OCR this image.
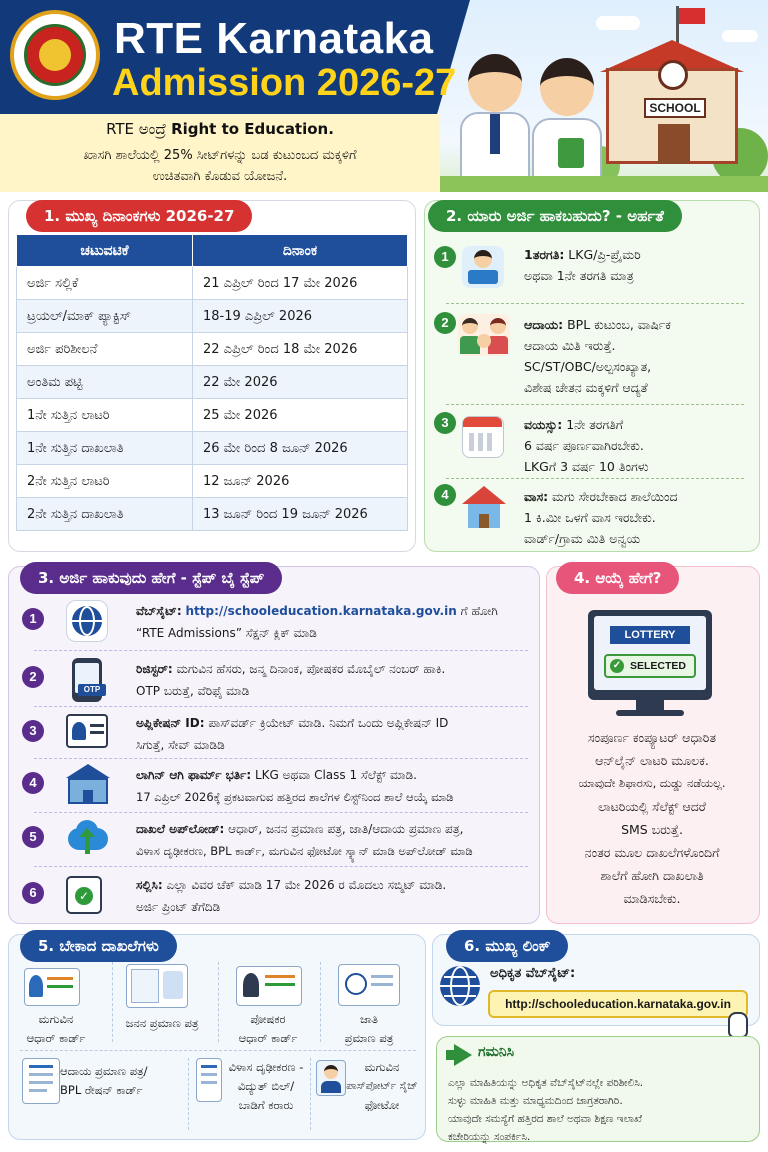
SCHOOL
RTE Karnataka
Admission 2026-27
RTE ಅಂದ್ರೆ Right to Education.
ಖಾಸಗಿ ಶಾಲೆಯಲ್ಲಿ 25% ಸೀಟ್‌ಗಳನ್ನು ಬಡ ಕುಟುಂಬದ ಮಕ್ಕಳಿಗೆ
ಉಚಿತವಾಗಿ ಕೊಡುವ ಯೋಜನೆ.
1. ಮುಖ್ಯ ದಿನಾಂಕಗಳು 2026-27
ಚಟುವಟಿಕೆ	ದಿನಾಂಕ
ಅರ್ಜಿ ಸಲ್ಲಿಕೆ	21 ಎಪ್ರಿಲ್ ರಿಂದ 17 ಮೇ 2026
ಟ್ರಯಲ್/ಮಾಕ್ ಪ್ಯಾಕ್ಟಿಸ್	18-19 ಎಪ್ರಿಲ್ 2026
ಅರ್ಜಿ ಪರಿಶೀಲನೆ	22 ಎಪ್ರಿಲ್ ರಿಂದ 18 ಮೇ 2026
ಅಂತಿಮ ಪಟ್ಟಿ	22 ಮೇ 2026
1ನೇ ಸುತ್ತಿನ ಲಾಟರಿ	25 ಮೇ 2026
1ನೇ ಸುತ್ತಿನ ದಾಖಲಾತಿ	26 ಮೇ ರಿಂದ 8 ಜೂನ್ 2026
2ನೇ ಸುತ್ತಿನ ಲಾಟರಿ	12 ಜೂನ್ 2026
2ನೇ ಸುತ್ತಿನ ದಾಖಲಾತಿ	13 ಜೂನ್ ರಿಂದ 19 ಜೂನ್ 2026
2. ಯಾರು ಅರ್ಜಿ ಹಾಕಬಹುದು? - ಅರ್ಹತೆ
1	1ತರಗತಿ: LKG/ಪ್ರಿ-ಪ್ರೈಮರಿ
ಅಥವಾ 1ನೇ ತರಗತಿ ಮಾತ್ರ
2	ಆದಾಯ: BPL ಕುಟುಂಬ, ವಾರ್ಷಿಕ
ಆದಾಯ ಮಿತಿ ಇರುತ್ತೆ.
SC/ST/OBC/ಅಲ್ಪಸಂಖ್ಯಾತ,
ವಿಶೇಷ ಚೇತನ ಮಕ್ಕಳಿಗೆ ಆದ್ಯತೆ
3	ವಯಸ್ಸು: 1ನೇ ತರಗತಿಗೆ
6 ವರ್ಷ ಪೂರ್ಣವಾಗಿರಬೇಕು.
LKGಗೆ 3 ವರ್ಷ 10 ತಿಂಗಳು
4	ವಾಸ: ಮಗು ಸೇರಬೇಕಾದ ಶಾಲೆಯಿಂದ
1 ಕಿ.ಮೀ ಒಳಗೆ ವಾಸ ಇರಬೇಕು.
ವಾರ್ಡ್/ಗ್ರಾಮ ಮಿತಿ ಅನ್ವಯ
3. ಅರ್ಜಿ ಹಾಕುವುದು ಹೇಗೆ - ಸ್ಟೆಪ್ ಬೈ ಸ್ಟೆಪ್
1	ವೆಬ್‌ಸೈಟ್: http://schooleducation.karnataka.gov.in ಗೆ ಹೋಗಿ
“RTE Admissions” ಸೆಕ್ಷನ್ ಕ್ಲಿಕ್ ಮಾಡಿ
2
OTP
ರಿಜಿಸ್ಟರ್: ಮಗುವಿನ ಹೆಸರು, ಜನ್ಮ ದಿನಾಂಕ, ಪೋಷಕರ ಮೊಬೈಲ್ ನಂಬರ್ ಹಾಕಿ.
OTP ಬರುತ್ತೆ, ವೆರಿಫೈ ಮಾಡಿ
3	ಅಪ್ಲಿಕೇಷನ್ ID: ಪಾಸ್‌ವರ್ಡ್ ಕ್ರಿಯೇಟ್ ಮಾಡಿ. ನಿಮಗೆ ಒಂದು ಅಪ್ಲಿಕೇಷನ್ ID
ಸಿಗುತ್ತೆ, ಸೇವ್ ಮಾಡಿಡಿ
4	ಲಾಗಿನ್ ಆಗಿ ಫಾರ್ಮ್ ಭರ್ತಿ: LKG ಅಥವಾ Class 1 ಸೆಲೆಕ್ಟ್ ಮಾಡಿ.
17 ಎಪ್ರಿಲ್ 2026ಕ್ಕೆ ಪ್ರಕಟವಾಗುವ ಹತ್ತಿರದ ಶಾಲೆಗಳ ಲಿಸ್ಟ್‌ನಿಂದ ಶಾಲೆ ಆಯ್ಕೆ ಮಾಡಿ
5	ದಾಖಲೆ ಅಪ್‌ಲೋಡ್: ಆಧಾರ್, ಜನನ ಪ್ರಮಾಣ ಪತ್ರ, ಜಾತಿ/ಆದಾಯ ಪ್ರಮಾಣ ಪತ್ರ,
ವಿಳಾಸ ದೃಢೀಕರಣ, BPL ಕಾರ್ಡ್, ಮಗುವಿನ ಫೋಟೋ ಸ್ಕ್ಯಾನ್ ಮಾಡಿ ಅಪ್‌ಲೋಡ್ ಮಾಡಿ
6	✓
ಸಲ್ಲಿಸಿ: ಎಲ್ಲಾ ವಿವರ ಚೆಕ್ ಮಾಡಿ 17 ಮೇ 2026 ರ ಮೊದಲು ಸಬ್ಮಿಟ್ ಮಾಡಿ.
ಅರ್ಜಿ ಪ್ರಿಂಟ್ ತೆಗೆದಿಡಿ
4. ಆಯ್ಕೆ ಹೇಗೆ?
LOTTERY
✓ SELECTED
ಸಂಪೂರ್ಣ ಕಂಪ್ಯೂಟರ್ ಆಧಾರಿತ
ಆನ್‌ಲೈನ್ ಲಾಟರಿ ಮೂಲಕ.
ಯಾವುದೇ ಶಿಫಾರಸು, ದುಡ್ಡು ನಡೆಯಲ್ಲ.
ಲಾಟರಿಯಲ್ಲಿ ಸೆಲೆಕ್ಟ್ ಆದರೆ
SMS ಬರುತ್ತೆ.
ನಂತರ ಮೂಲ ದಾಖಲೆಗಳೊಂದಿಗೆ
ಶಾಲೆಗೆ ಹೋಗಿ ದಾಖಲಾತಿ
ಮಾಡಿಸಬೇಕು.
5. ಬೇಕಾದ ದಾಖಲೆಗಳು
ಮಗುವಿನ
ಆಧಾರ್ ಕಾರ್ಡ್
ಜನನ ಪ್ರಮಾಣ ಪತ್ರ	ಪೋಷಕರ
ಆಧಾರ್ ಕಾರ್ಡ್
ಜಾತಿ
ಪ್ರಮಾಣ ಪತ್ರ
ಆದಾಯ ಪ್ರಮಾಣ ಪತ್ರ/
BPL ರೇಷನ್ ಕಾರ್ಡ್
ವಿಳಾಸ ದೃಢೀಕರಣ -
ವಿದ್ಯುತ್ ಬಿಲ್/
ಬಾಡಿಗೆ ಕರಾರು
ಮಗುವಿನ
ಪಾಸ್‌ಪೋರ್ಟ್ ಸೈಜ್
ಫೋಟೋ
6. ಮುಖ್ಯ ಲಿಂಕ್
ಅಧಿಕೃತ ವೆಬ್‌ಸೈಟ್:
http://schooleducation.karnataka.gov.in
ಗಮನಿಸಿ
ಎಲ್ಲಾ ಮಾಹಿತಿಯನ್ನು ಅಧಿಕೃತ ವೆಬ್‌ಸೈಟ್‌ನಲ್ಲೇ ಪರಿಶೀಲಿಸಿ.
ಸುಳ್ಳು ಮಾಹಿತಿ ಮತ್ತು ಮಾಧ್ಯಮದಿಂದ ಜಾಗ್ರತರಾಗಿರಿ.
ಯಾವುದೇ ಸಮಸ್ಯೆಗೆ ಹತ್ತಿರದ ಶಾಲೆ ಅಥವಾ ಶಿಕ್ಷಣ ಇಲಾಖೆ
ಕಚೇರಿಯನ್ನು ಸಂಪರ್ಕಿಸಿ.
